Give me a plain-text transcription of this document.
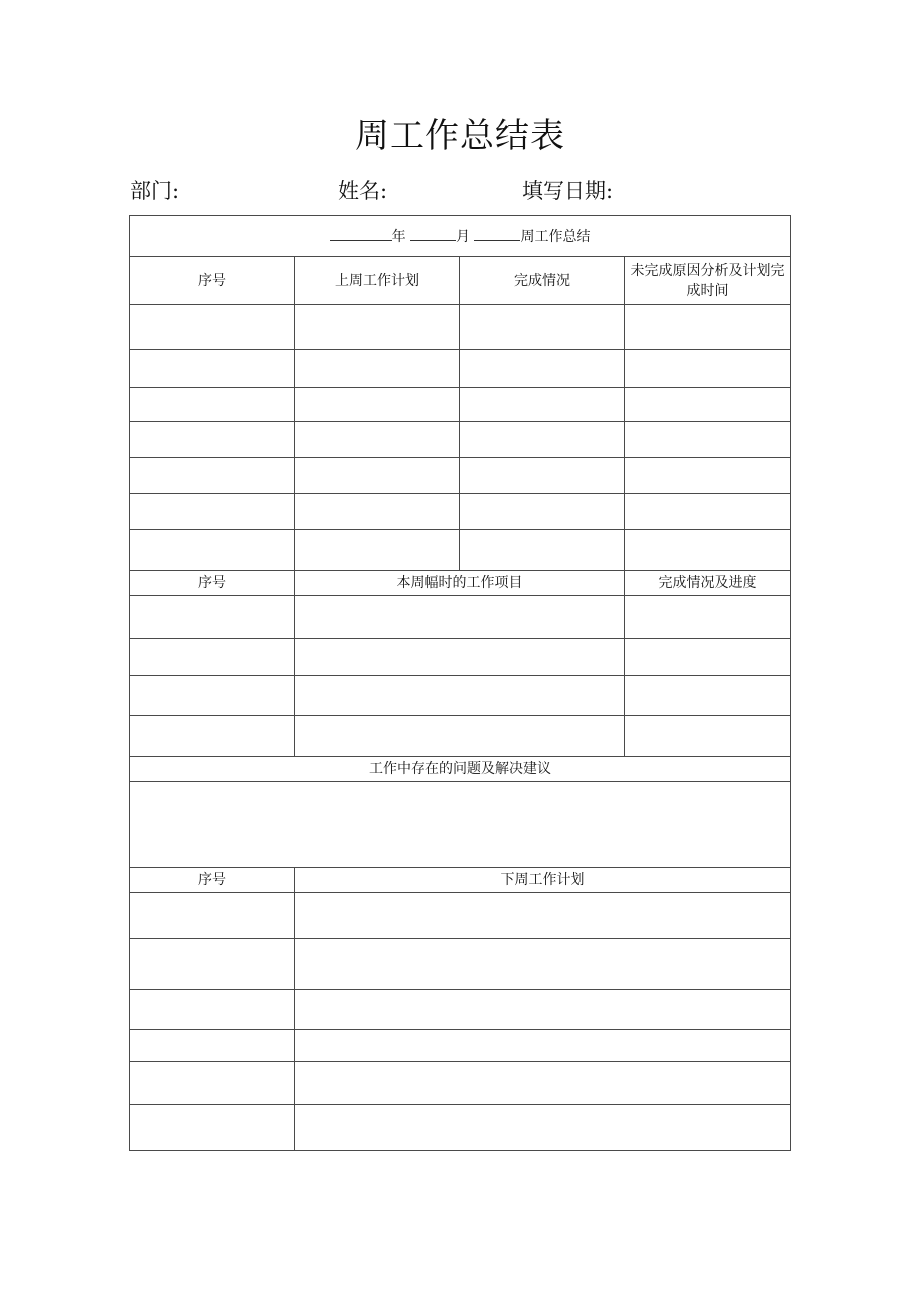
周工作总结表
部门:	姓名:	填写日期:
年 月 周工作总结			
序号	上周工作计划	完成情况	未完成原因分析及计划完成时间

序号	本周幅时的工作项目		完成情况及进度

工作中存在的问题及解决建议			

序号	下周工作计划		
